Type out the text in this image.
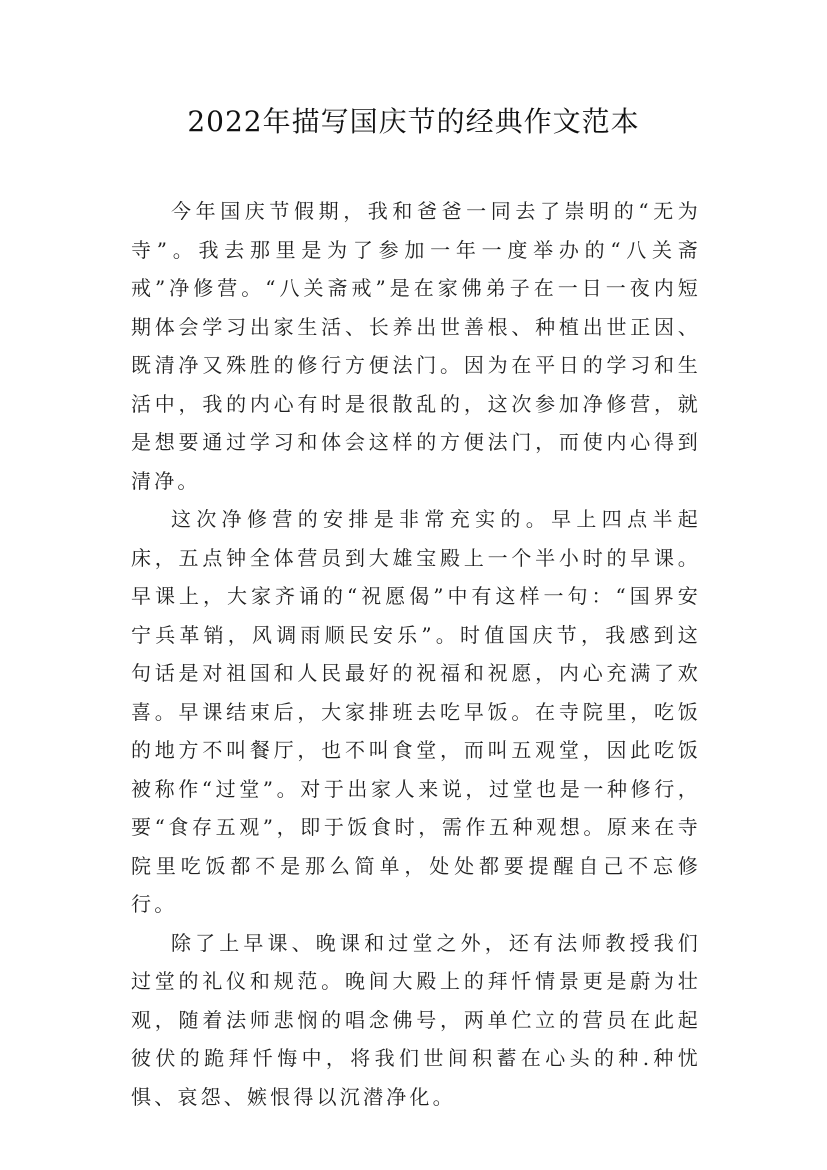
2022年描写国庆节的经典作文范本

今年国庆节假期，我和爸爸一同去了崇明的“无为寺”。我去那里是为了参加一年一度举办的“八关斋戒”净修营。“八关斋戒”是在家佛弟子在一日一夜内短期体会学习出家生活、长养出世善根、种植出世正因、既清净又殊胜的修行方便法门。因为在平日的学习和生活中，我的内心有时是很散乱的，这次参加净修营，就是想要通过学习和体会这样的方便法门，而使内心得到清净。

这次净修营的安排是非常充实的。早上四点半起床，五点钟全体营员到大雄宝殿上一个半小时的早课。早课上，大家齐诵的“祝愿偈”中有这样一句：“国界安宁兵革销，风调雨顺民安乐”。时值国庆节，我感到这句话是对祖国和人民最好的祝福和祝愿，内心充满了欢喜。早课结束后，大家排班去吃早饭。在寺院里，吃饭的地方不叫餐厅，也不叫食堂，而叫五观堂，因此吃饭被称作“过堂”。对于出家人来说，过堂也是一种修行，要“食存五观”，即于饭食时，需作五种观想。原来在寺院里吃饭都不是那么简单，处处都要提醒自己不忘修行。

除了上早课、晚课和过堂之外，还有法师教授我们过堂的礼仪和规范。晚间大殿上的拜忏情景更是蔚为壮观，随着法师悲悯的唱念佛号，两单伫立的营员在此起彼伏的跪拜忏悔中，将我们世间积蓄在心头的种.种忧惧、哀怨、嫉恨得以沉潜净化。
